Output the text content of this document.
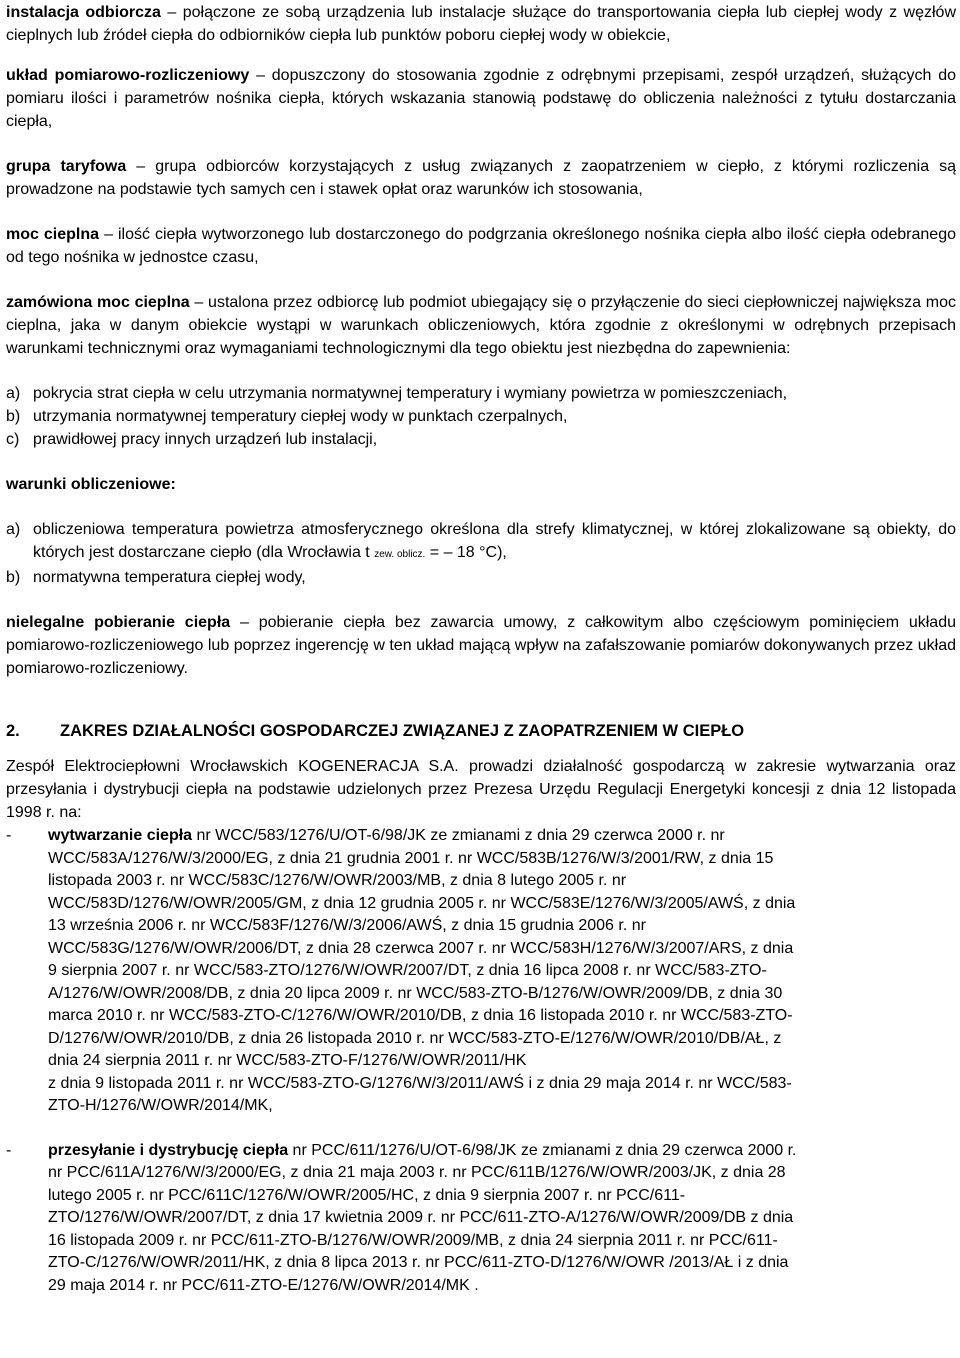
instalacja odbiorcza – połączone ze sobą urządzenia lub instalacje służące do transportowania ciepła lub ciepłej wody z węzłów cieplnych lub źródeł ciepła do odbiorników ciepła lub punktów poboru ciepłej wody w obiekcie,

układ pomiarowo-rozliczeniowy – dopuszczony do stosowania zgodnie z odrębnymi przepisami, zespół urządzeń, służących do pomiaru ilości i parametrów nośnika ciepła, których wskazania stanowią podstawę do obliczenia należności z tytułu dostarczania ciepła,

grupa taryfowa – grupa odbiorców korzystających z usług związanych z zaopatrzeniem w ciepło, z którymi rozliczenia są prowadzone na podstawie tych samych cen i stawek opłat oraz warunków ich stosowania,

moc cieplna – ilość ciepła wytworzonego lub dostarczonego do podgrzania określonego nośnika ciepła albo ilość ciepła odebranego od tego nośnika w jednostce czasu,

zamówiona moc cieplna – ustalona przez odbiorcę lub podmiot ubiegający się o przyłączenie do sieci ciepłowniczej największa moc cieplna, jaka w danym obiekcie wystąpi w warunkach obliczeniowych, która zgodnie z określonymi w odrębnych przepisach warunkami technicznymi oraz wymaganiami technologicznymi dla tego obiektu jest niezbędna do zapewnienia:

a) pokrycia strat ciepła w celu utrzymania normatywnej temperatury i wymiany powietrza w pomieszczeniach,
b) utrzymania normatywnej temperatury ciepłej wody w punktach czerpalnych,
c) prawidłowej pracy innych urządzeń lub instalacji,

warunki obliczeniowe:

a) obliczeniowa temperatura powietrza atmosferycznego określona dla strefy klimatycznej, w której zlokalizowane są obiekty, do których jest dostarczane ciepło (dla Wrocławia t zew. oblicz. = – 18 °C),
b) normatywna temperatura ciepłej wody,

nielegalne pobieranie ciepła – pobieranie ciepła bez zawarcia umowy, z całkowitym albo częściowym pominięciem układu pomiarowo-rozliczeniowego lub poprzez ingerencję w ten układ mającą wpływ na zafałszowanie pomiarów dokonywanych przez układ pomiarowo-rozliczeniowy.

2.	ZAKRES DZIAŁALNOŚCI GOSPODARCZEJ ZWIĄZANEJ Z ZAOPATRZENIEM W CIEPŁO

Zespół Elektrociepłowni Wrocławskich KOGENERACJA S.A. prowadzi działalność gospodarczą w zakresie wytwarzania oraz przesyłania i dystrybucji ciepła na podstawie udzielonych przez Prezesa Urzędu Regulacji Energetyki koncesji z dnia 12 listopada 1998 r. na:

-	wytwarzanie ciepła nr WCC/583/1276/U/OT-6/98/JK ze zmianami z dnia 29 czerwca 2000 r. nr
WCC/583A/1276/W/3/2000/EG, z dnia 21 grudnia 2001 r. nr WCC/583B/1276/W/3/2001/RW, z dnia 15
listopada 2003 r. nr WCC/583C/1276/W/OWR/2003/MB, z dnia 8 lutego 2005 r. nr
WCC/583D/1276/W/OWR/2005/GM, z dnia 12 grudnia 2005 r. nr WCC/583E/1276/W/3/2005/AWŚ, z dnia
13 września 2006 r. nr WCC/583F/1276/W/3/2006/AWŚ, z dnia 15 grudnia 2006 r. nr
WCC/583G/1276/W/OWR/2006/DT, z dnia 28 czerwca 2007 r. nr WCC/583H/1276/W/3/2007/ARS, z dnia
9 sierpnia 2007 r. nr WCC/583-ZTO/1276/W/OWR/2007/DT, z dnia 16 lipca 2008 r. nr WCC/583-ZTO-
A/1276/W/OWR/2008/DB, z dnia 20 lipca 2009 r. nr WCC/583-ZTO-B/1276/W/OWR/2009/DB, z dnia 30
marca 2010 r. nr WCC/583-ZTO-C/1276/W/OWR/2010/DB, z dnia 16 listopada 2010 r. nr WCC/583-ZTO-
D/1276/W/OWR/2010/DB, z dnia 26 listopada 2010 r. nr WCC/583-ZTO-E/1276/W/OWR/2010/DB/AŁ, z
dnia 24 sierpnia 2011 r. nr WCC/583-ZTO-F/1276/W/OWR/2011/HK
z dnia 9 listopada 2011 r. nr WCC/583-ZTO-G/1276/W/3/2011/AWŚ i z dnia 29 maja 2014 r. nr WCC/583-
ZTO-H/1276/W/OWR/2014/MK,
-	przesyłanie i dystrybucję ciepła nr PCC/611/1276/U/OT-6/98/JK ze zmianami z dnia 29 czerwca 2000 r.
nr PCC/611A/1276/W/3/2000/EG, z dnia 21 maja 2003 r. nr PCC/611B/1276/W/OWR/2003/JK, z dnia 28
lutego 2005 r. nr PCC/611C/1276/W/OWR/2005/HC, z dnia 9 sierpnia 2007 r. nr PCC/611-
ZTO/1276/W/OWR/2007/DT, z dnia 17 kwietnia 2009 r. nr PCC/611-ZTO-A/1276/W/OWR/2009/DB z dnia
16 listopada 2009 r. nr PCC/611-ZTO-B/1276/W/OWR/2009/MB, z dnia 24 sierpnia 2011 r. nr PCC/611-
ZTO-C/1276/W/OWR/2011/HK, z dnia 8 lipca 2013 r. nr PCC/611-ZTO-D/1276/W/OWR /2013/AŁ i z dnia
29 maja 2014 r. nr PCC/611-ZTO-E/1276/W/OWR/2014/MK .
